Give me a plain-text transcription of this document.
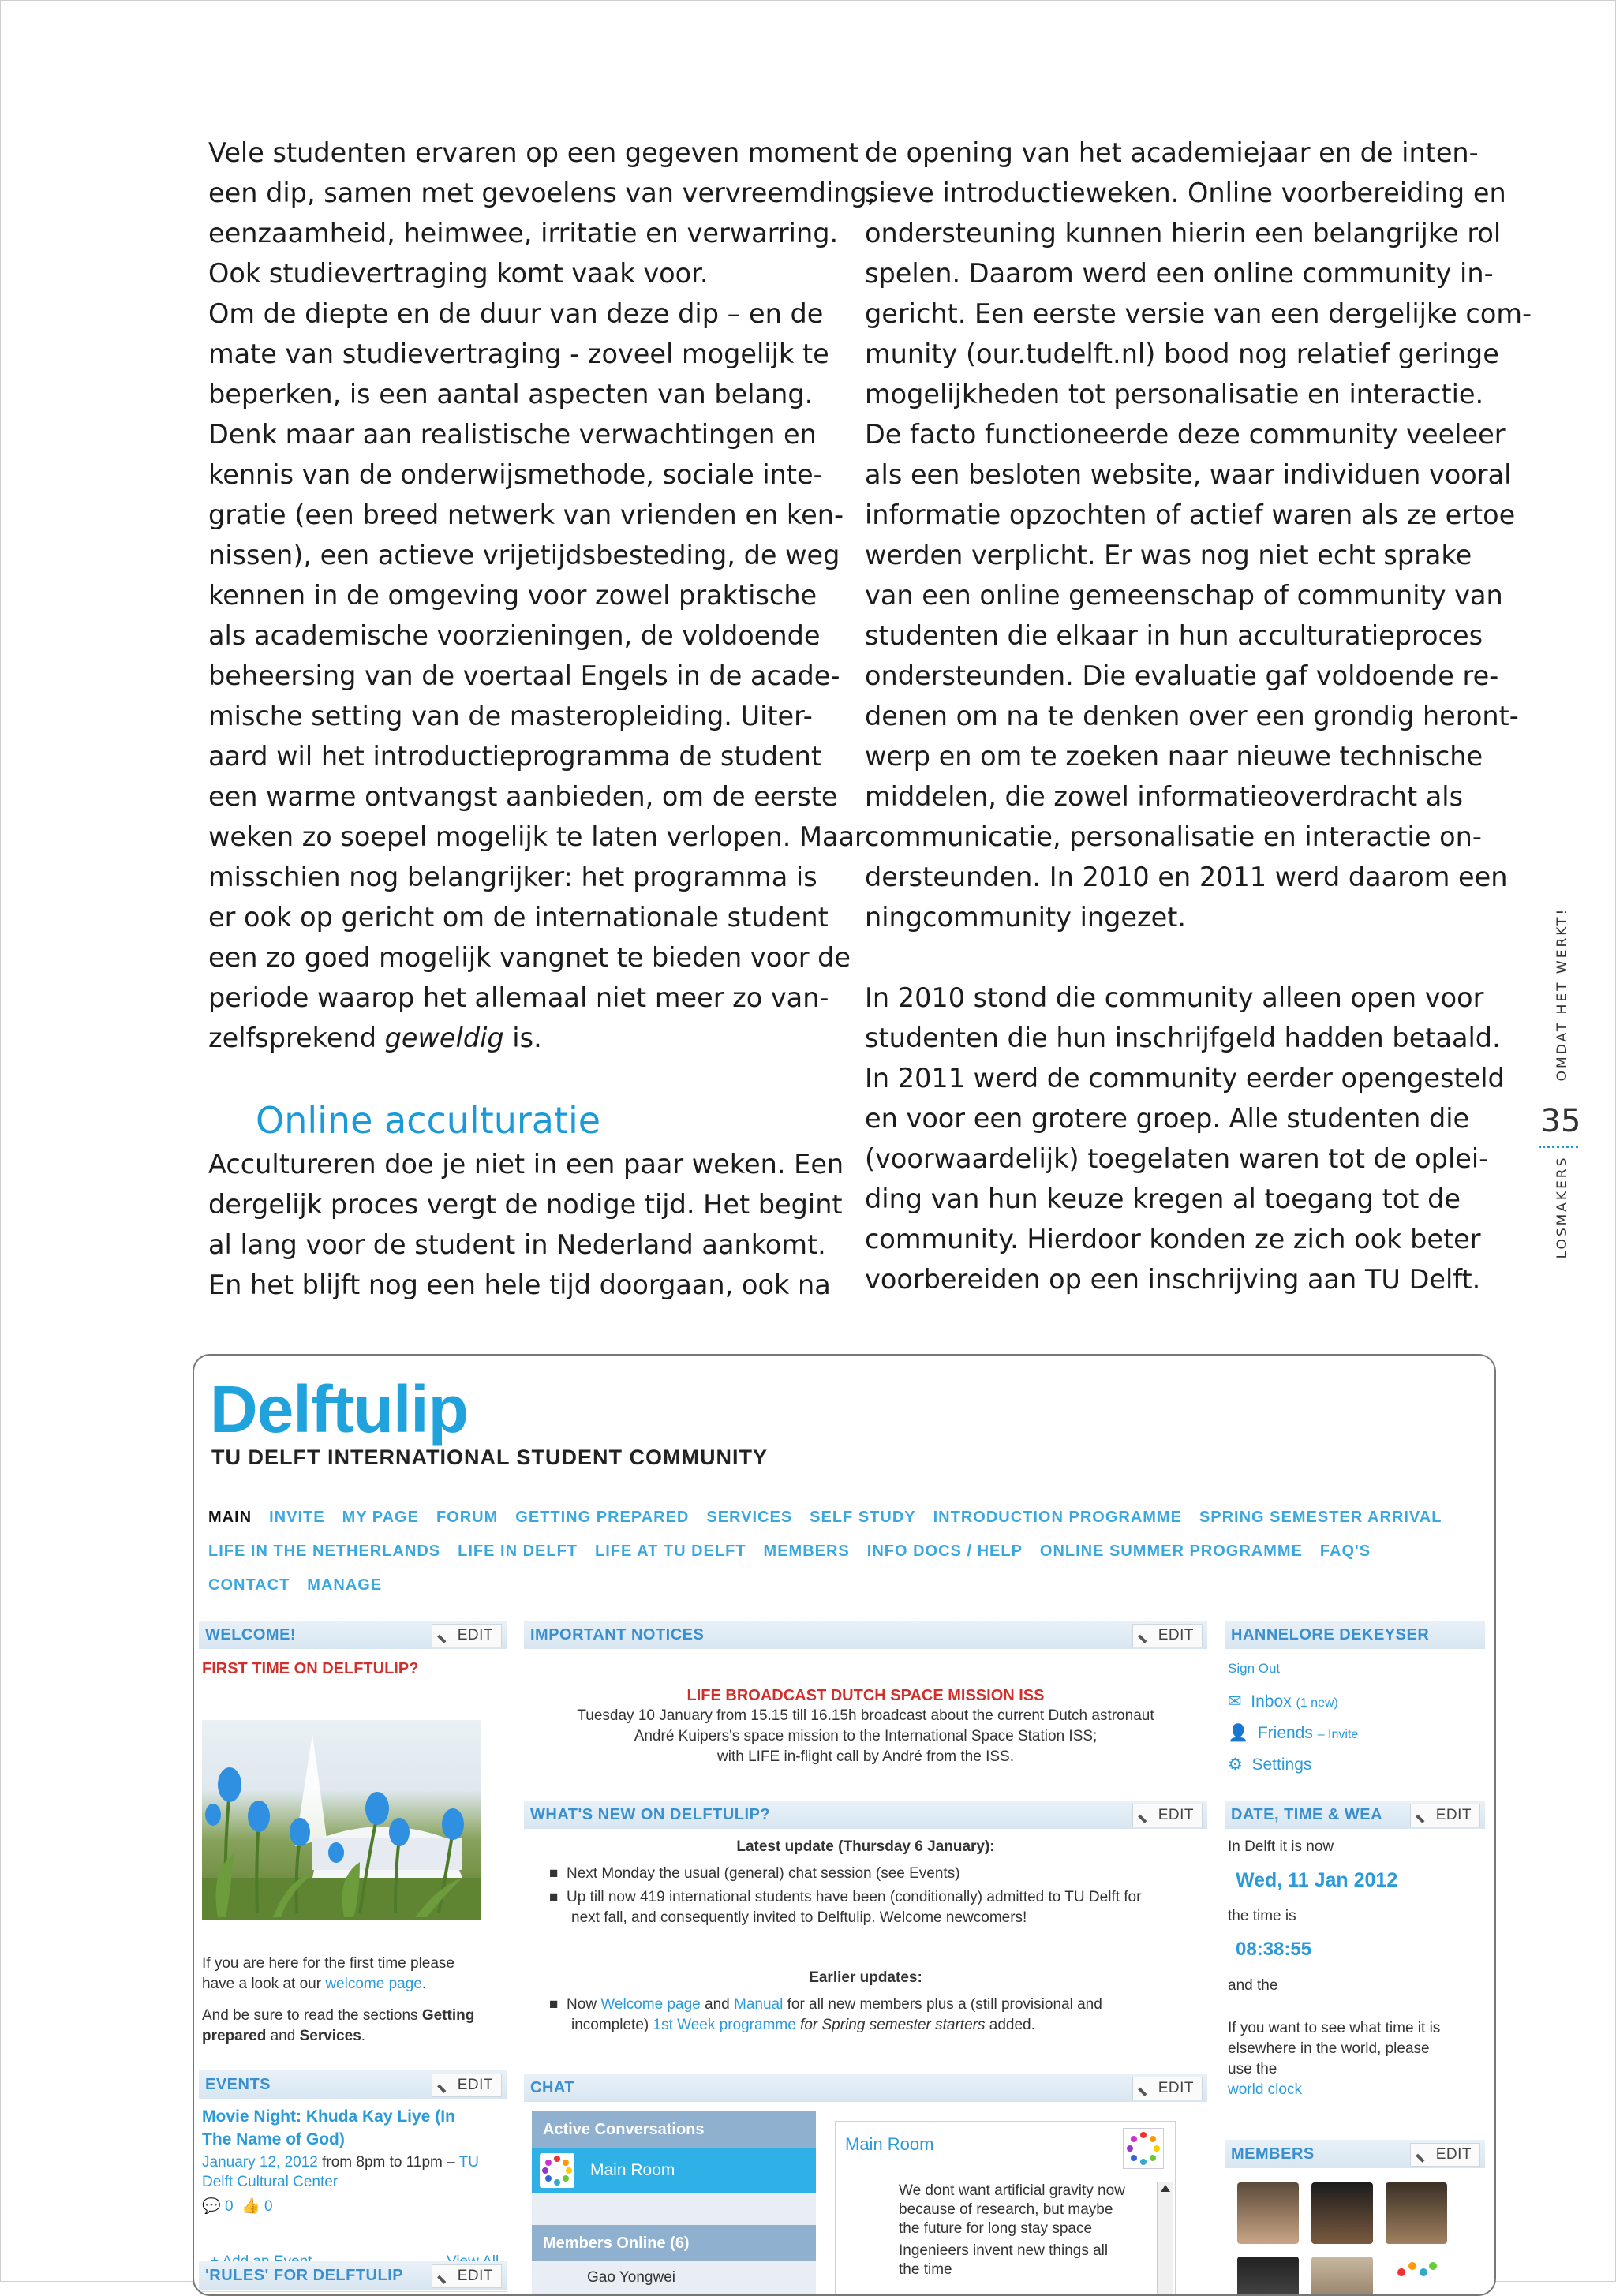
Vele studenten ervaren op een gegeven moment

een dip, samen met gevoelens van vervreemding,

eenzaamheid, heimwee, irritatie en verwarring.

Ook studievertraging komt vaak voor.

Om de diepte en de duur van deze dip – en de

mate van studievertraging - zoveel mogelijk te

beperken, is een aantal aspecten van belang.

Denk maar aan realistische verwachtingen en

kennis van de onderwijsmethode, sociale inte-

gratie (een breed netwerk van vrienden en ken-

nissen), een actieve vrijetijdsbesteding, de weg

kennen in de omgeving voor zowel praktische

als academische voorzieningen, de voldoende

beheersing van de voertaal Engels in de acade-

mische setting van de masteropleiding. Uiter-

aard wil het introductieprogramma de student

een warme ontvangst aanbieden, om de eerste

weken zo soepel mogelijk te laten verlopen. Maar

misschien nog belangrijker: het programma is

er ook op gericht om de internationale student

een zo goed mogelijk vangnet te bieden voor de

periode waarop het allemaal niet meer zo van-

zelfsprekend geweldig is.

Online acculturatie

Accultureren doe je niet in een paar weken. Een

dergelijk proces vergt de nodige tijd. Het begint

al lang voor de student in Nederland aankomt.

En het blijft nog een hele tijd doorgaan, ook na

de opening van het academiejaar en de inten-

sieve introductieweken. Online voorbereiding en

ondersteuning kunnen hierin een belangrijke rol

spelen. Daarom werd een online community in-

gericht. Een eerste versie van een dergelijke com-

munity (our.tudelft.nl) bood nog relatief geringe

mogelijkheden tot personalisatie en interactie.

De facto functioneerde deze community veeleer

als een besloten website, waar individuen vooral

informatie opzochten of actief waren als ze ertoe

werden verplicht. Er was nog niet echt sprake

van een online gemeenschap of community van

studenten die elkaar in hun acculturatieproces

ondersteunden. Die evaluatie gaf voldoende re-

denen om na te denken over een grondig heront-

werp en om te zoeken naar nieuwe technische

middelen, die zowel informatieoverdracht als

communicatie, personalisatie en interactie on-

dersteunden. In 2010 en 2011 werd daarom een

ningcommunity ingezet.

In 2010 stond die community alleen open voor

studenten die hun inschrijfgeld hadden betaald.

In 2011 werd de community eerder opengesteld

en voor een grotere groep. Alle studenten die

(voorwaardelijk) toegelaten waren tot de oplei-

ding van hun keuze kregen al toegang tot de

community. Hierdoor konden ze zich ook beter

voorbereiden op een inschrijving aan TU Delft.

OMDAT HET WERKT!
35
LOSMAKERS
Delftulip
TU DELFT INTERNATIONAL STUDENT COMMUNITY
MAIN INVITE MY PAGE FORUM GETTING PREPARED SERVICES SELF STUDY INTRODUCTION PROGRAMME SPRING SEMESTER ARRIVALLIFE IN THE NETHERLANDS LIFE IN DELFT LIFE AT TU DELFT MEMBERS INFO DOCS / HELP ONLINE SUMMER PROGRAMME FAQ'SCONTACT MANAGE
WELCOME!	EDIT
FIRST TIME ON DELFTULIP?
If you are here for the first time please
have a look at our welcome page.
And be sure to read the sections Getting
prepared and Services.
EVENTS	EDIT
Movie Night: Khuda Kay Liye (In
The Name of God)
January 12, 2012 from 8pm to 11pm – TU
Delft Cultural Center
💬 0 👍 0
'RULES' FOR DELFTULIP	EDIT
IMPORTANT NOTICES	EDIT
LIFE BROADCAST DUTCH SPACE MISSION ISS
Tuesday 10 January from 15.15 till 16.15h broadcast about the current Dutch astronaut
André Kuipers's space mission to the International Space Station ISS;
with LIFE in-flight call by André from the ISS.
WHAT'S NEW ON DELFTULIP?	EDIT
Latest update (Thursday 6 January):
■  Next Monday the usual (general) chat session (see Events)
■  Up till now 419 international students have been (conditionally) admitted to TU Delft for
next fall, and consequently invited to Delftulip. Welcome newcomers!
Earlier updates:
■  Now Welcome page and Manual for all new members plus a (still provisional and
incomplete) 1st Week programme for Spring semester starters added.
CHAT	EDIT
Active Conversations
Main Room
Members Online (6)
Gao Yongwei
Main Room
We dont want artificial gravity now
because of research, but maybe
the future for long stay space
Ingenieers invent new things all
the time
HANNELORE DEKEYSER
Sign Out
✉ Inbox (1 new)
👤 Friends – Invite
⚙ Settings
DATE, TIME & WEA	EDIT
In Delft it is now
Wed, 11 Jan 2012
the time is
08:38:55
and the
If you want to see what time it is
elsewhere in the world, please
use the
world clock
MEMBERS	EDIT
